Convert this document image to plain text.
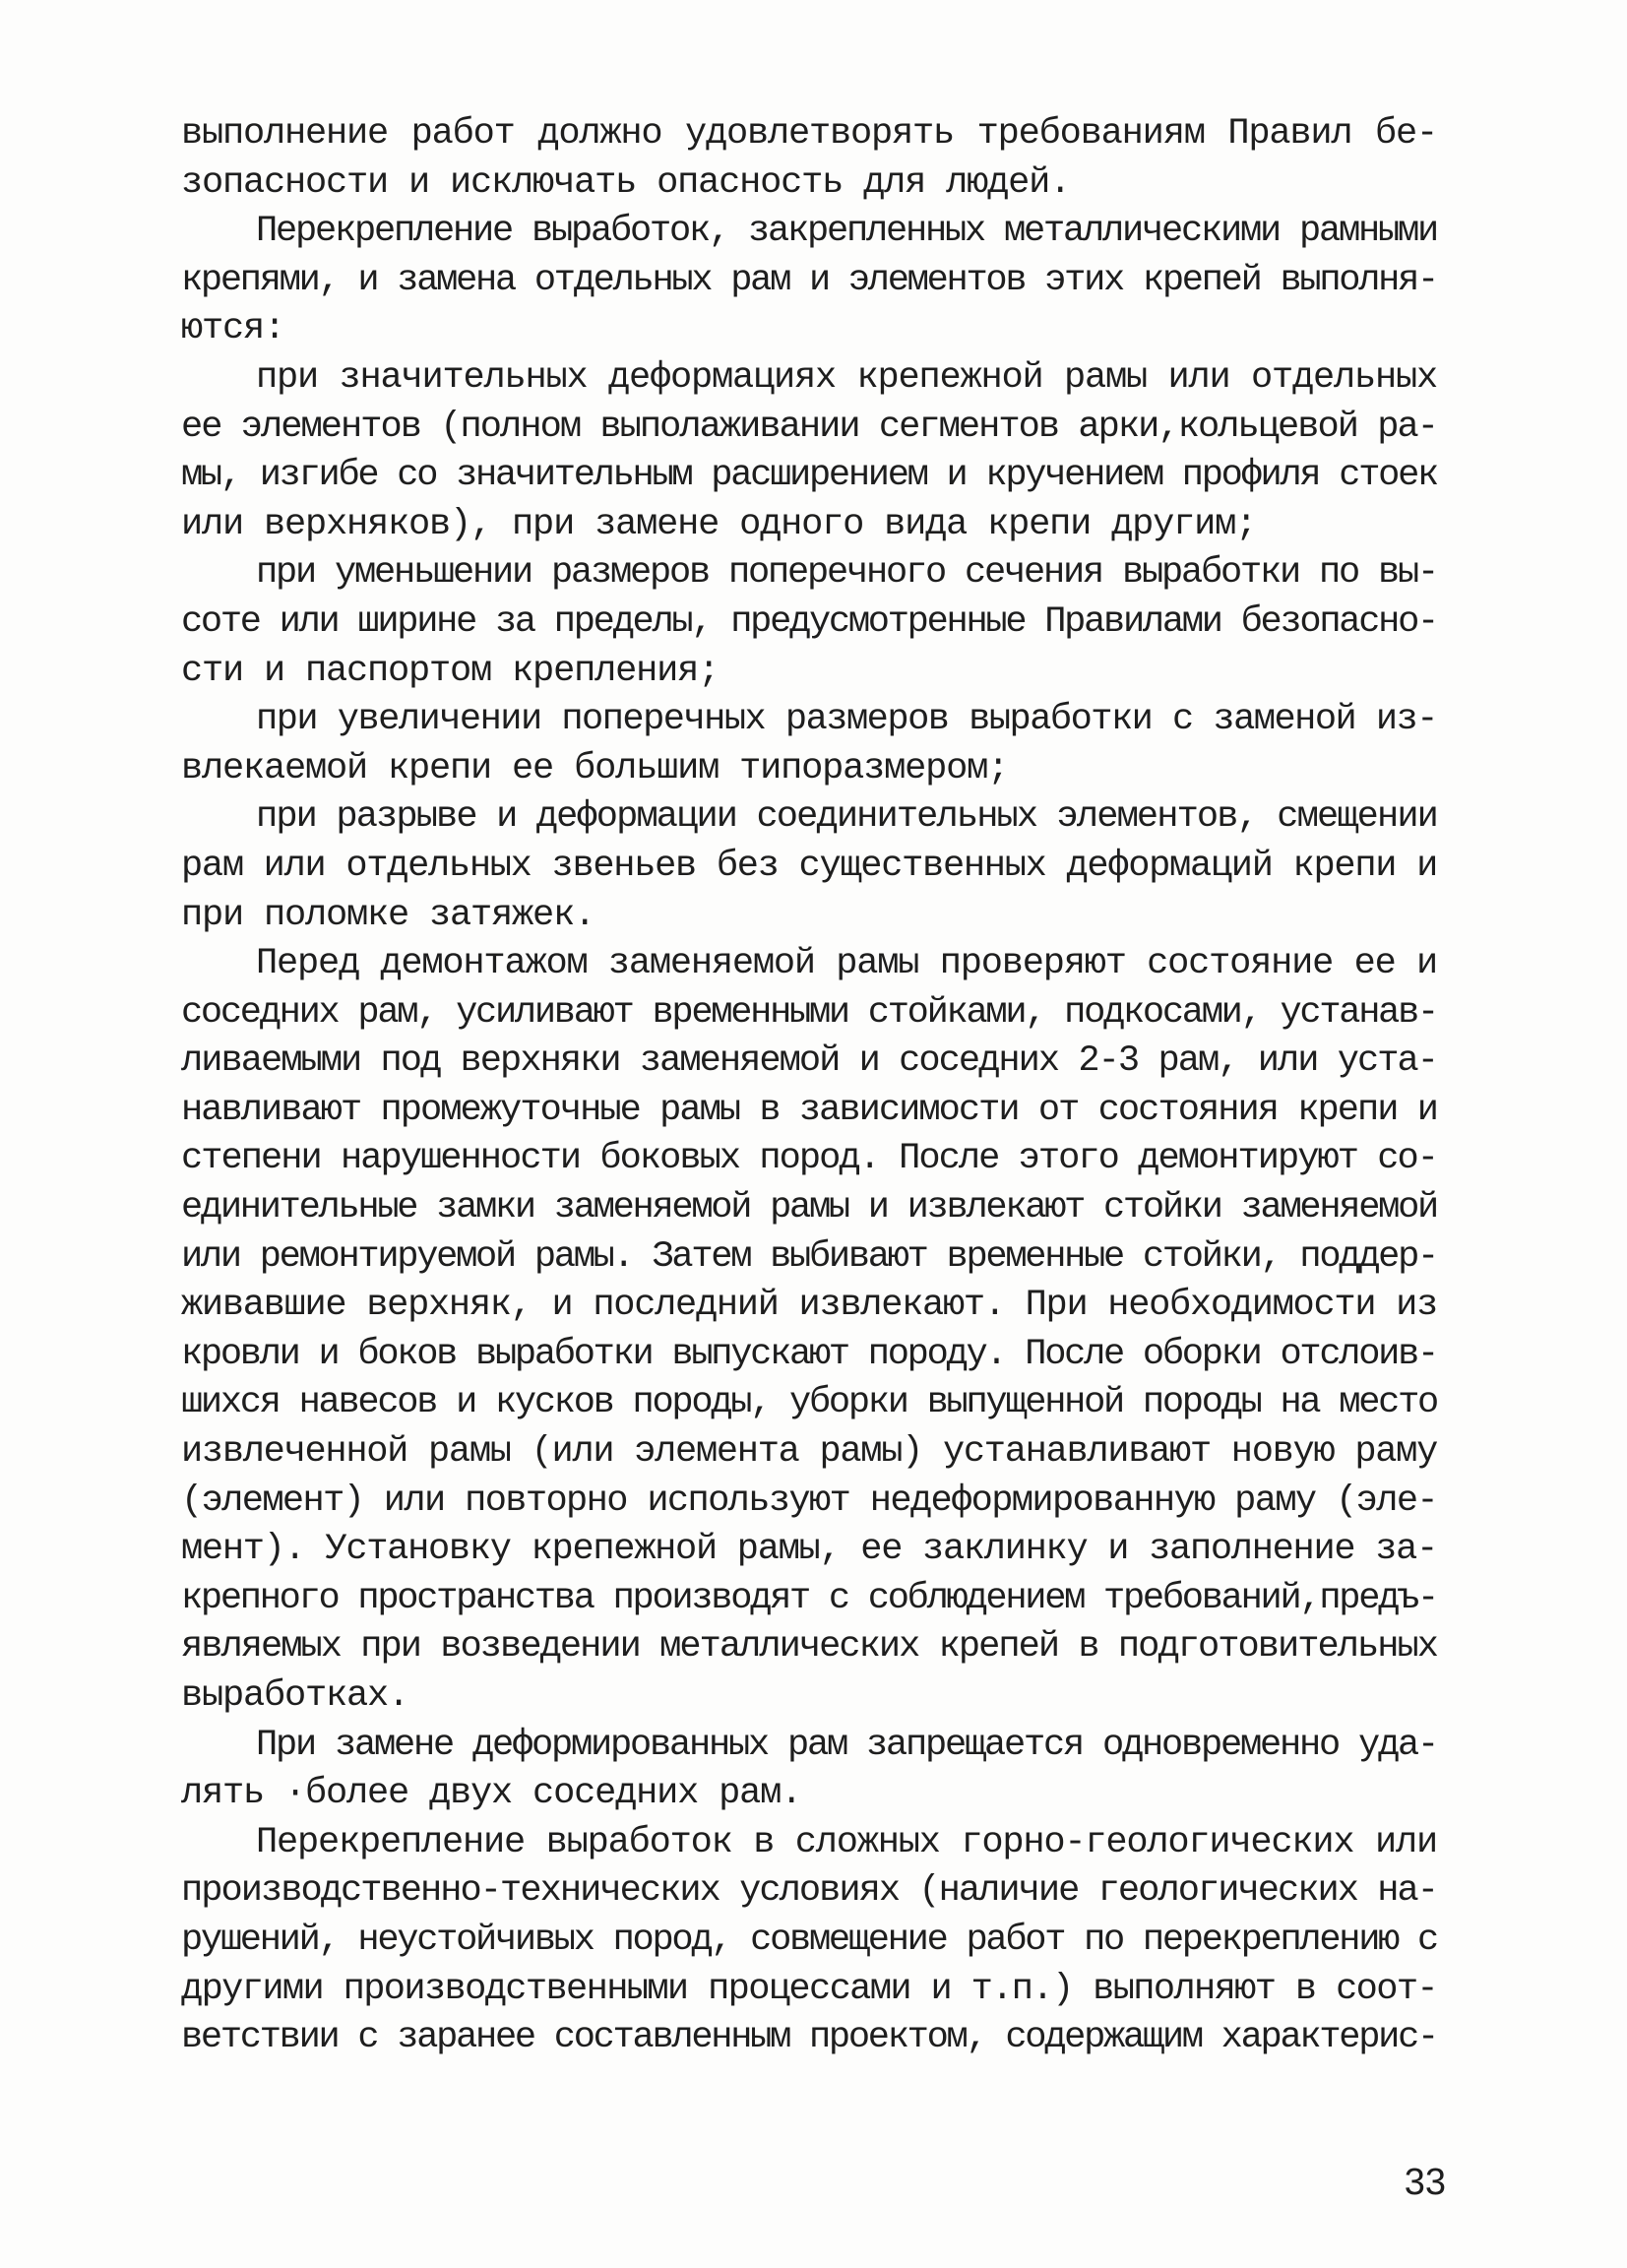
выполнение работ должно удовлетворять требованиям Правил бе-
зопасности и исключать опасность для людей.
Перекрепление выработок, закрепленных металлическими рамными
крепями, и замена отдельных рам и элементов этих крепей выполня-
ются:
при значительных деформациях крепежной рамы или отдельных
ее элементов (полном выполаживании сегментов арки,кольцевой ра-
мы, изгибе со значительным расширением и кручением профиля стоек
или верхняков), при замене одного вида крепи другим;
при уменьшении размеров поперечного сечения выработки по вы-
соте или ширине за пределы, предусмотренные Правилами безопасно-
сти и паспортом крепления;
при увеличении поперечных размеров выработки с заменой из-
влекаемой крепи ее большим типоразмером;
при разрыве и деформации соединительных элементов, смещении
рам или отдельных звеньев без существенных деформаций крепи и
при поломке затяжек.
Перед демонтажом заменяемой рамы проверяют состояние ее и
соседних рам, усиливают временными стойками, подкосами, устанав-
ливаемыми под верхняки заменяемой и соседних 2-3 рам, или уста-
навливают промежуточные рамы в зависимости от состояния крепи и
степени нарушенности боковых пород. После этого демонтируют со-
единительные замки заменяемой рамы и извлекают стойки заменяемой
или ремонтируемой рамы. Затем выбивают временные стойки, поддер-
живавшие верхняк, и последний извлекают. При необходимости из
кровли и боков выработки выпускают породу. После оборки отслоив-
шихся навесов и кусков породы, уборки выпущенной породы на место
извлеченной рамы (или элемента рамы) устанавливают новую раму
(элемент) или повторно используют недеформированную раму (эле-
мент). Установку крепежной рамы, ее заклинку и заполнение за-
крепного пространства производят с соблюдением требований,предъ-
являемых при возведении металлических крепей в подготовительных
выработках.
При замене деформированных рам запрещается одновременно уда-
лять ·более двух соседних рам.
Перекрепление выработок в сложных горно-геологических или
производственно-технических условиях (наличие геологических на-
рушений, неустойчивых пород, совмещение работ по перекреплению с
другими производственными процессами и т.п.) выполняют в соот-
ветствии с заранее составленным проектом, содержащим характерис-
33
